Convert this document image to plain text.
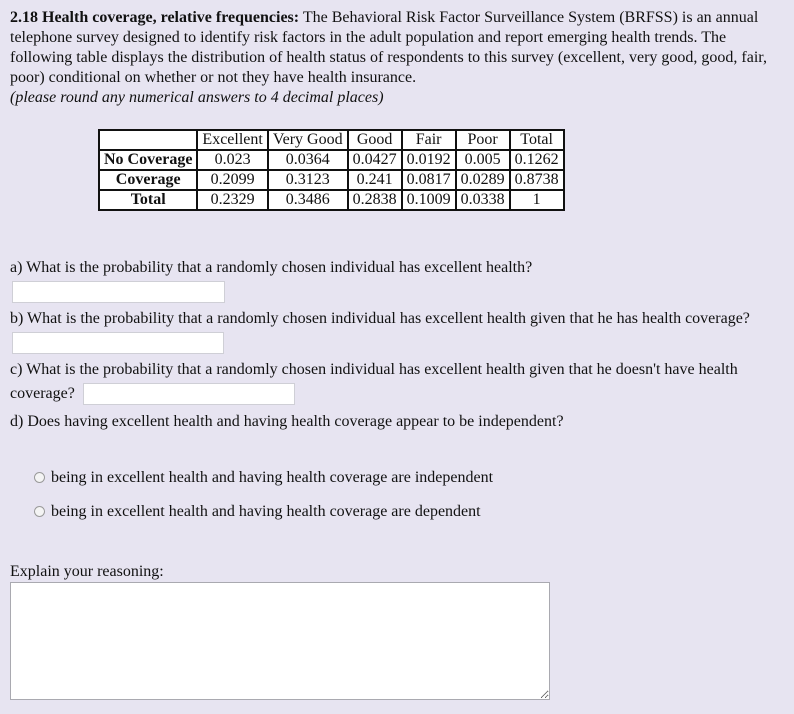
2.18 Health coverage, relative frequencies: The Behavioral Risk Factor Surveillance System (BRFSS) is an annual telephone survey designed to identify risk factors in the adult population and report emerging health trends. The following table displays the distribution of health status of respondents to this survey (excellent, very good, good, fair, poor) conditional on whether or not they have health insurance.
(please round any numerical answers to 4 decimal places)
	Excellent	Very Good	Good	Fair	Poor	Total
No Coverage	0.023	0.0364	0.0427	0.0192	0.005	0.1262
Coverage	0.2099	0.3123	0.241	0.0817	0.0289	0.8738
Total	0.2329	0.3486	0.2838	0.1009	0.0338	1
a) What is the probability that a randomly chosen individual has excellent health?

b) What is the probability that a randomly chosen individual has excellent health given that he has health coverage?
c) What is the probability that a randomly chosen individual has excellent health given that he doesn't have health coverage?
d) Does having excellent health and having health coverage appear to be independent?
being in excellent health and having health coverage are independent
being in excellent health and having health coverage are dependent
Explain your reasoning:
